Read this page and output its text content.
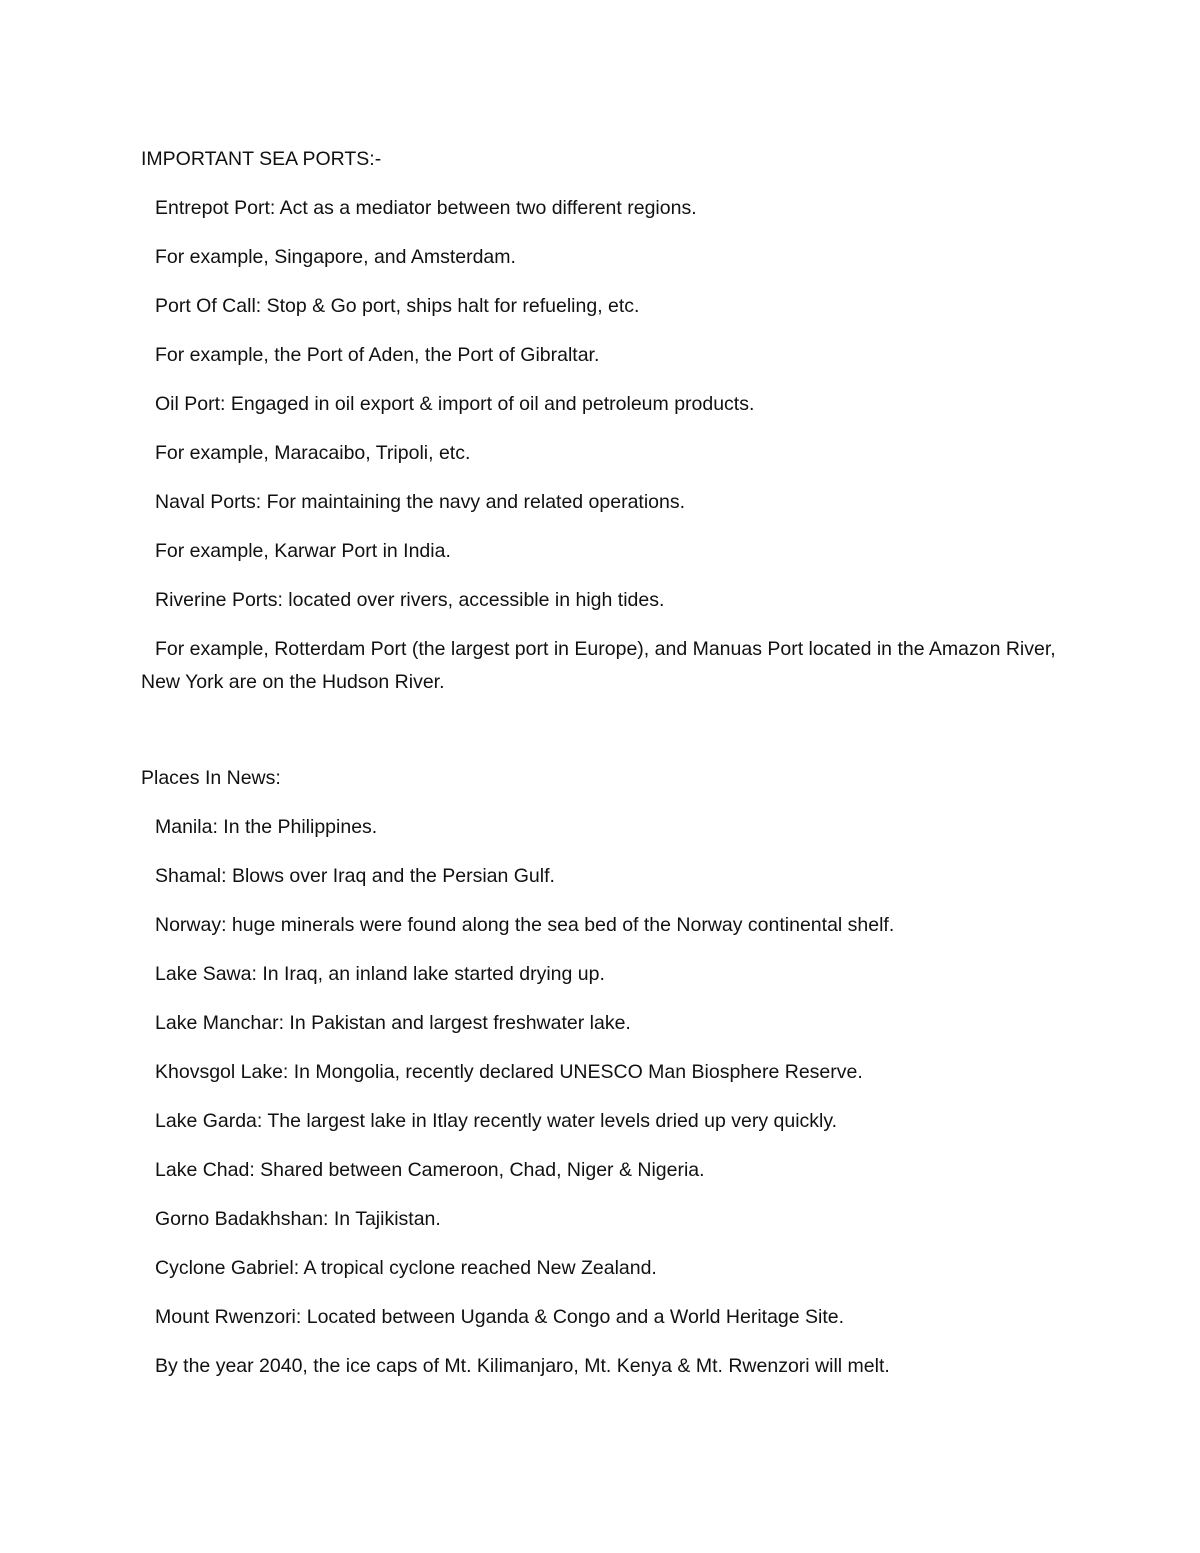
IMPORTANT SEA PORTS:-

Entrepot Port: Act as a mediator between two different regions.

For example, Singapore, and Amsterdam.

Port Of Call: Stop & Go port, ships halt for refueling, etc.

For example, the Port of Aden, the Port of Gibraltar.

Oil Port: Engaged in oil export & import of oil and petroleum products.

For example, Maracaibo, Tripoli, etc.

Naval Ports: For maintaining the navy and related operations.

For example, Karwar Port in India.

Riverine Ports: located over rivers, accessible in high tides.

For example, Rotterdam Port (the largest port in Europe), and Manuas Port located in the Amazon River, New York are on the Hudson River.

Places In News:

Manila: In the Philippines.

Shamal: Blows over Iraq and the Persian Gulf.

Norway: huge minerals were found along the sea bed of the Norway continental shelf.

Lake Sawa: In Iraq, an inland lake started drying up.

Lake Manchar: In Pakistan and largest freshwater lake.

Khovsgol Lake: In Mongolia, recently declared UNESCO Man Biosphere Reserve.

Lake Garda: The largest lake in Itlay recently water levels dried up very quickly.

Lake Chad: Shared between Cameroon, Chad, Niger & Nigeria.

Gorno Badakhshan: In Tajikistan.

Cyclone Gabriel: A tropical cyclone reached New Zealand.

Mount Rwenzori: Located between Uganda & Congo and a World Heritage Site.

By the year 2040, the ice caps of Mt. Kilimanjaro, Mt. Kenya & Mt. Rwenzori will melt.
